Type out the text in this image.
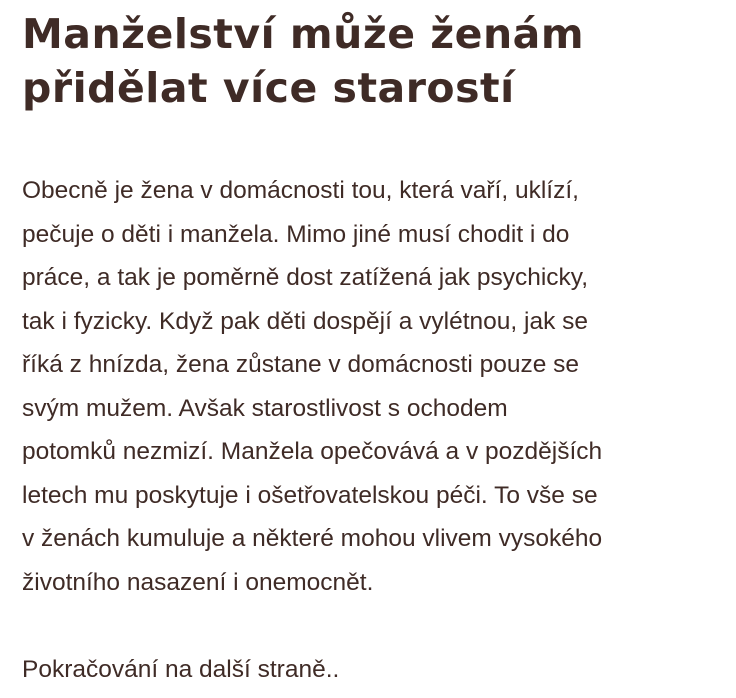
Manželství může ženám
přidělat více starostí

Obecně je žena v domácnosti tou, která vaří, uklízí,
pečuje o děti i manžela. Mimo jiné musí chodit i do
práce, a tak je poměrně dost zatížená jak psychicky,
tak i fyzicky. Když pak děti dospějí a vylétnou, jak se
říká z hnízda, žena zůstane v domácnosti pouze se
svým mužem. Avšak starostlivost s ochodem
potomků nezmizí. Manžela opečovává a v pozdějších
letech mu poskytuje i ošetřovatelskou péči. To vše se
v ženách kumuluje a některé mohou vlivem vysokého
životního nasazení i onemocnět.

Pokračování na další straně..
